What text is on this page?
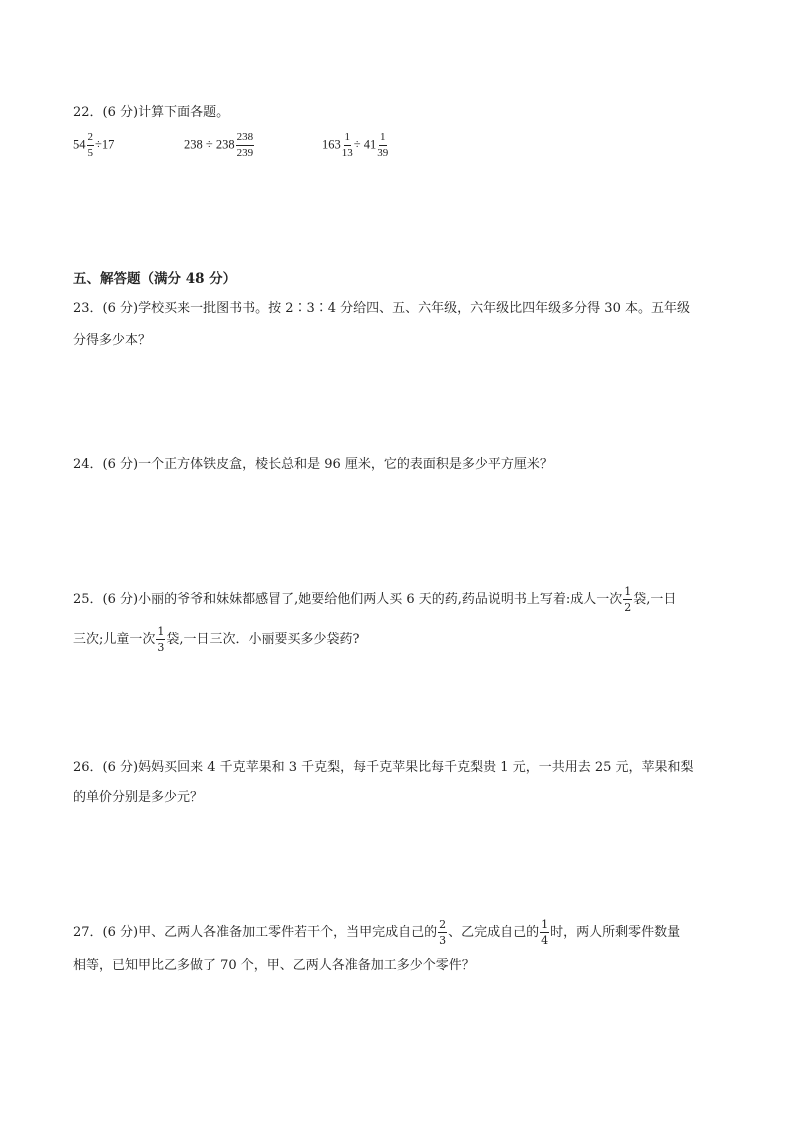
22．(6 分)计算下面各题。
$54 \frac{2}{5} \div 17$	$238 \div 238 \frac{238}{239}$	$163 \frac{1}{13} \div 41 \frac{1}{39}$
五、解答题（满分 48 分）
23．(6 分)学校买来一批图书书。按 2∶3∶4 分给四、五、六年级，六年级比四年级多分得 30 本。五年级
分得多少本？
24．(6 分)一个正方体铁皮盒，棱长总和是 96 厘米，它的表面积是多少平方厘米？
25．(6 分)小丽的爷爷和妹妹都感冒了,她要给他们两人买 6 天的药,药品说明书上写着:成人一次 $\frac{1}{2}$ 袋,一日
三次;儿童一次 $\frac{1}{3}$ 袋,一日三次．小丽要买多少袋药?
26．(6 分)妈妈买回来 4 千克苹果和 3 千克梨，每千克苹果比每千克梨贵 1 元，一共用去 25 元，苹果和梨
的单价分别是多少元？
27．(6 分)甲、乙两人各准备加工零件若干个，当甲完成自己的 $\frac{2}{3}$ 、乙完成自己的 $\frac{1}{4}$ 时，两人所剩零件数量
相等，已知甲比乙多做了 70 个，甲、乙两人各准备加工多少个零件？
